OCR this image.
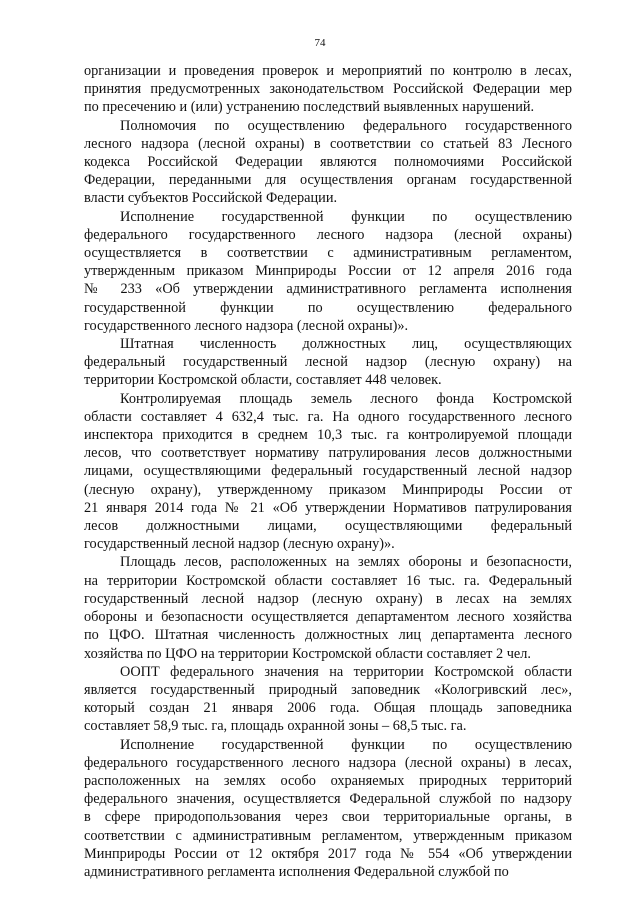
74
организации и проведения проверок и мероприятий по контролю в лесах,
принятия предусмотренных законодательством Российской Федерации мер
по пресечению и (или) устранению последствий выявленных нарушений.
Полномочия по осуществлению федерального государственного
лесного надзора (лесной охраны) в соответствии со статьей 83 Лесного
кодекса Российской Федерации являются полномочиями Российской
Федерации, переданными для осуществления органам государственной
власти субъектов Российской Федерации.
Исполнение государственной функции по осуществлению
федерального государственного лесного надзора (лесной охраны)
осуществляется в соответствии с административным регламентом,
утвержденным приказом Минприроды России от 12 апреля 2016 года
№ 233 «Об утверждении административного регламента исполнения
государственной функции по осуществлению федерального
государственного лесного надзора (лесной охраны)».
Штатная численность должностных лиц, осуществляющих
федеральный государственный лесной надзор (лесную охрану) на
территории Костромской области, составляет 448 человек.
Контролируемая площадь земель лесного фонда Костромской
области составляет 4 632,4 тыс. га. На одного государственного лесного
инспектора приходится в среднем 10,3 тыс. га контролируемой площади
лесов, что соответствует нормативу патрулирования лесов должностными
лицами, осуществляющими федеральный государственный лесной надзор
(лесную охрану), утвержденному приказом Минприроды России от
21 января 2014 года № 21 «Об утверждении Нормативов патрулирования
лесов должностными лицами, осуществляющими федеральный
государственный лесной надзор (лесную охрану)».
Площадь лесов, расположенных на землях обороны и безопасности,
на территории Костромской области составляет 16 тыс. га. Федеральный
государственный лесной надзор (лесную охрану) в лесах на землях
обороны и безопасности осуществляется департаментом лесного хозяйства
по ЦФО. Штатная численность должностных лиц департамента лесного
хозяйства по ЦФО на территории Костромской области составляет 2 чел.
ООПТ федерального значения на территории Костромской области
является государственный природный заповедник «Кологривский лес»,
который создан 21 января 2006 года. Общая площадь заповедника
составляет 58,9 тыс. га, площадь охранной зоны – 68,5 тыс. га.
Исполнение государственной функции по осуществлению
федерального государственного лесного надзора (лесной охраны) в лесах,
расположенных на землях особо охраняемых природных территорий
федерального значения, осуществляется Федеральной службой по надзору
в сфере природопользования через свои территориальные органы, в
соответствии с административным регламентом, утвержденным приказом
Минприроды России от 12 октября 2017 года № 554 «Об утверждении
административного регламента исполнения Федеральной службой по
